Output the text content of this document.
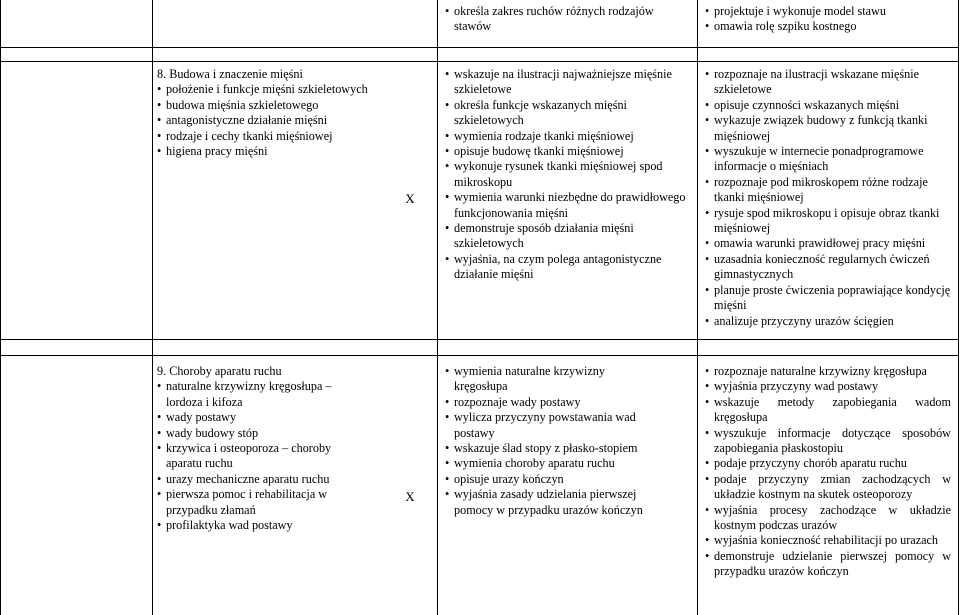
• określa zakres ruchów różnych rodzajów stawów
• projektuje i wykonuje model stawu
• omawia rolę szpiku kostnego
8. Budowa i znaczenie mięśni
• położenie i funkcje mięśni szkieletowych
• budowa mięśnia szkieletowego
• antagonistyczne działanie mięśni
• rodzaje i cechy tkanki mięśniowej
• higiena pracy mięśni
X
• wskazuje na ilustracji najważniejsze mięśnie szkieletowe
• określa funkcje wskazanych mięśni szkieletowych
• wymienia rodzaje tkanki mięśniowej
• opisuje budowę tkanki mięśniowej
• wykonuje rysunek tkanki mięśniowej spod mikroskopu
• wymienia warunki niezbędne do prawidłowego funkcjonowania mięśni
• demonstruje sposób działania mięśni szkieletowych
• wyjaśnia, na czym polega antagonistyczne działanie mięśni
• rozpoznaje na ilustracji wskazane mięśnie szkieletowe
• opisuje czynności wskazanych mięśni
• wykazuje związek budowy z funkcją tkanki mięśniowej
• wyszukuje w internecie ponadprogramowe informacje o mięśniach
• rozpoznaje pod mikroskopem różne rodzaje tkanki mięśniowej
• rysuje spod mikroskopu i opisuje obraz tkanki mięśniowej
• omawia warunki prawidłowej pracy mięśni
• uzasadnia konieczność regularnych ćwiczeń gimnastycznych
• planuje proste ćwiczenia poprawiające kondycję mięśni
• analizuje przyczyny urazów ścięgien
9. Choroby aparatu ruchu
• naturalne krzywizny kręgosłupa – lordoza i kifoza
• wady postawy
• wady budowy stóp
• krzywica i osteoporoza – choroby aparatu ruchu
• urazy mechaniczne aparatu ruchu
• pierwsza pomoc i rehabilitacja w przypadku złamań
• profilaktyka wad postawy
X
• wymienia naturalne krzywizny kręgosłupa
• rozpoznaje wady postawy
• wylicza przyczyny powstawania wad postawy
• wskazuje ślad stopy z płasko-stopiem
• wymienia choroby aparatu ruchu
• opisuje urazy kończyn
• wyjaśnia zasady udzielania pierwszej pomocy w przypadku urazów kończyn
• rozpoznaje naturalne krzywizny kręgosłupa
• wyjaśnia przyczyny wad postawy
• wskazuje metody zapobiegania wadom kręgosłupa
• wyszukuje informacje dotyczące sposobów zapobiegania płaskostopiu
• podaje przyczyny chorób aparatu ruchu
• podaje przyczyny zmian zachodzących w układzie kostnym na skutek osteoporozy
• wyjaśnia procesy zachodzące w układzie kostnym podczas urazów
• wyjaśnia konieczność rehabilitacji po urazach
• demonstruje udzielanie pierwszej pomocy w przypadku urazów kończyn
